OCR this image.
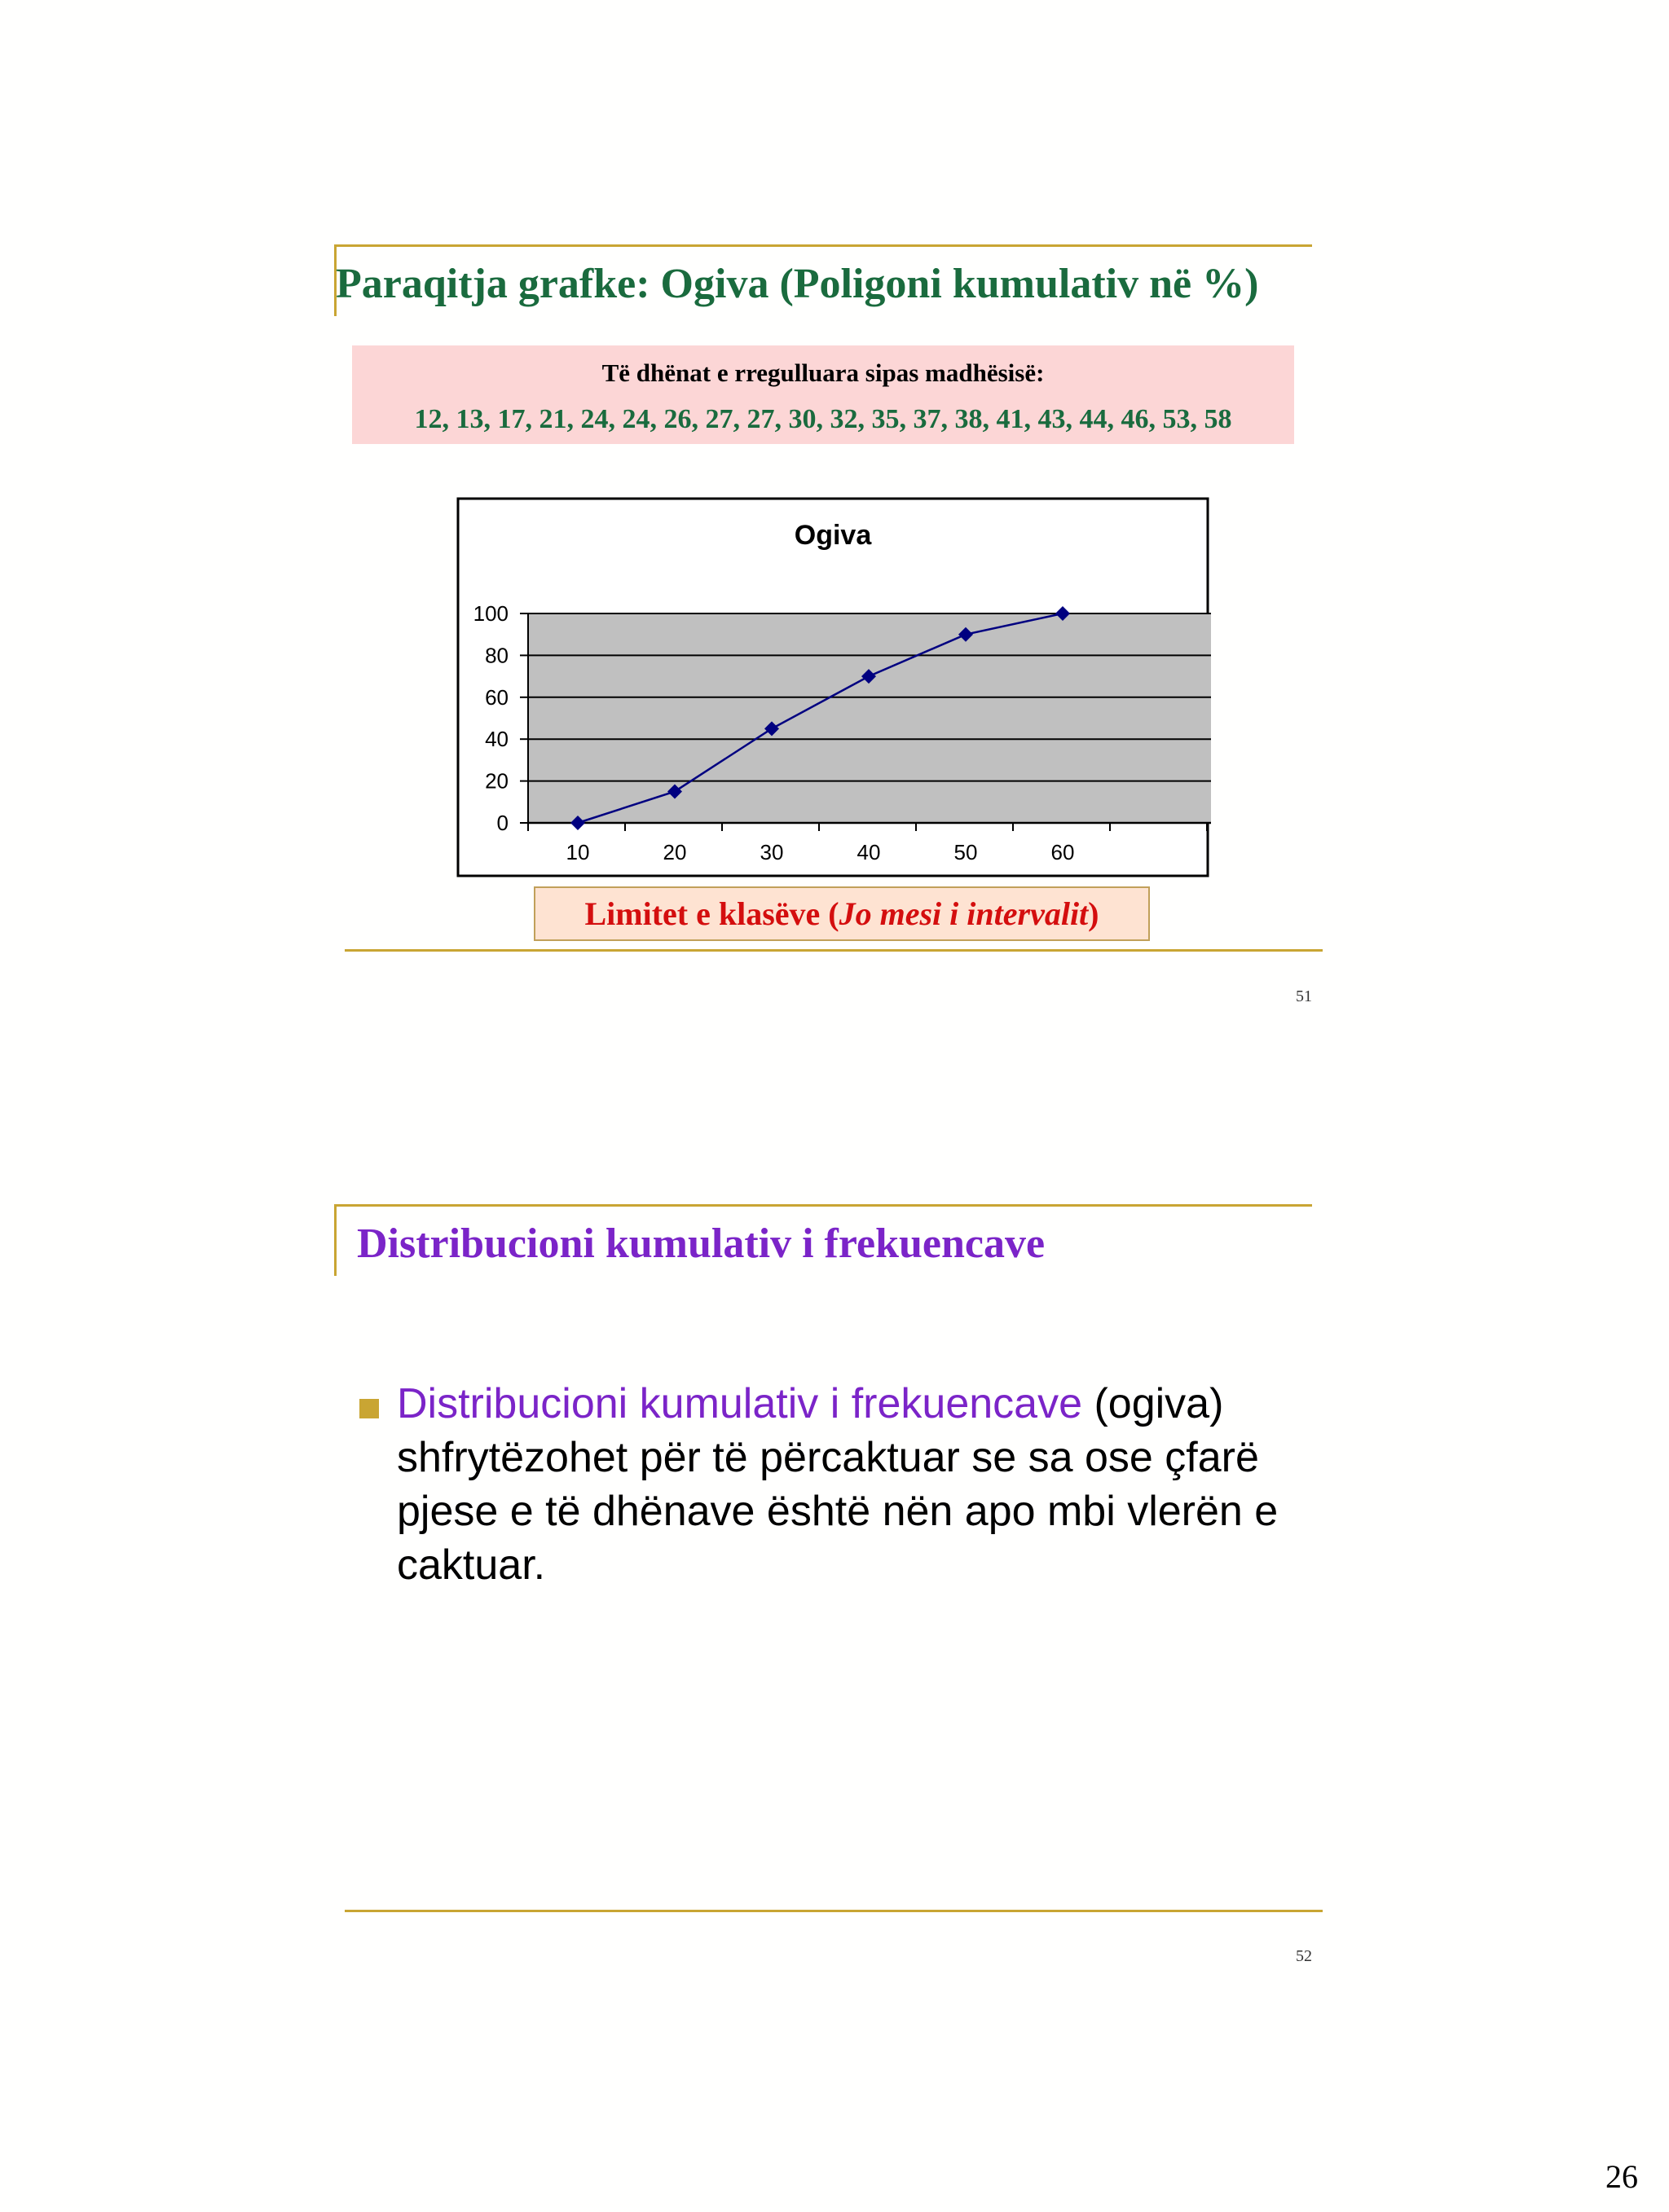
Paraqitja grafke: Ogiva (Poligoni kumulativ në %)
Të dhënat e rregulluara sipas madhësisë:
12, 13, 17, 21, 24, 24, 26, 27, 27, 30, 32, 35, 37, 38, 41, 43, 44, 46, 53, 58
Ogiva
0
20
40
60
80
100
10	20	30	40	50	60
Limitet e klasëve (Jo mesi i intervalit)
51
Distribucioni kumulativ i frekuencave
Distribucioni kumulativ i frekuencave (ogiva) shfrytëzohet për të përcaktuar se sa ose çfarë pjese e të dhënave është nën apo mbi vlerën e caktuar.
52
26
